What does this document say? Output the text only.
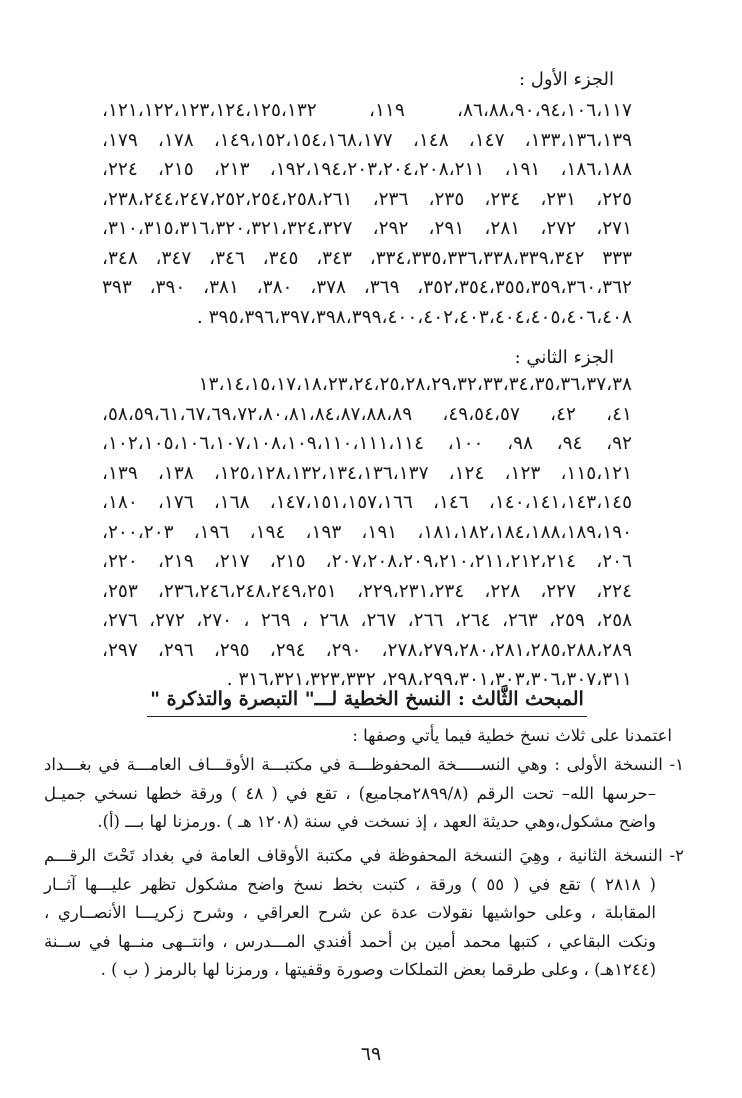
الجزء الأول :
٨٦،٨٨،٩٠،٩٤،١٠٦،١١٧، ١١٩، ١٢١،١٢٢،١٢٣،١٢٤،١٢٥،١٣٢،
١٣٣،١٣٦،١٣٩، ١٤٧، ١٤٨، ١٤٩،١٥٢،١٥٤،١٦٨،١٧٧، ١٧٨، ١٧٩،
١٨٦،١٨٨، ١٩١، ١٩٢،١٩٤،٢٠٣،٢٠٤،٢٠٨،٢١١، ٢١٣، ٢١٥، ٢٢٤،
٢٢٥، ٢٣١، ٢٣٤، ٢٣٥، ٢٣٦، ٢٣٨،٢٤٤،٢٤٧،٢٥٢،٢٥٤،٢٥٨،٢٦١،
٢٧١، ٢٧٢، ٢٨١، ٢٩١، ٢٩٢، ٣١٠،٣١٥،٣١٦،٣٢٠،٣٢١،٣٢٤،٣٢٧،
٣٣٣ ٣٣٤،٣٣٥،٣٣٦،٣٣٨،٣٣٩،٣٤٢، ٣٤٣، ٣٤٥، ٣٤٦، ٣٤٧، ٣٤٨،
٣٥٢،٣٥٤،٣٥٥،٣٥٩،٣٦٠،٣٦٢، ٣٦٩، ٣٧٨، ٣٨٠، ٣٨١، ٣٩٠، ٣٩٣
٣٩٥،٣٩٦،٣٩٧،٣٩٨،٣٩٩،٤٠٠،٤٠٢،٤٠٣،٤٠٤،٤٠٥،٤٠٦،٤٠٨ .
الجزء الثاني :
١٣،١٤،١٥،١٧،١٨،٢٣،٢٤،٢٥،٢٨،٢٩،٣٢،٣٣،٣٤،٣٥،٣٦،٣٧،٣٨
٤١، ٤٢، ٤٩،٥٤،٥٧، ٥٨،٥٩،٦١،٦٧،٦٩،٧٢،٨٠،٨١،٨٤،٨٧،٨٨،٨٩،
٩٢، ٩٤، ٩٨، ١٠٠، ١٠٢،١٠٥،١٠٦،١٠٧،١٠٨،١٠٩،١١٠،١١١،١١٤،
١١٥،١٢١، ١٢٣، ١٢٤، ١٢٥،١٢٨،١٣٢،١٣٤،١٣٦،١٣٧، ١٣٨، ١٣٩،
١٤٠،١٤١،١٤٣،١٤٥، ١٤٦، ١٤٧،١٥١،١٥٧،١٦٦، ١٦٨، ١٧٦، ١٨٠،
١٨١،١٨٢،١٨٤،١٨٨،١٨٩،١٩٠، ١٩١، ١٩٣، ١٩٤، ١٩٦، ٢٠٠،٢٠٣،
٢٠٦، ٢٠٧،٢٠٨،٢٠٩،٢١٠،٢١١،٢١٢،٢١٤، ٢١٥، ٢١٧، ٢١٩، ٢٢٠،
٢٢٤، ٢٢٧، ٢٢٨، ٢٢٩،٢٣١،٢٣٤، ٢٣٦،٢٤٦،٢٤٨،٢٤٩،٢٥١، ٢٥٣،
٢٥٨، ٢٥٩، ٢٦٣، ٢٦٤، ٢٦٦، ٢٦٧، ٢٦٨ ، ٢٦٩ ، ٢٧٠، ٢٧٢، ٢٧٦،
٢٧٨،٢٧٩،٢٨٠،٢٨١،٢٨٥،٢٨٨،٢٨٩، ٢٩٠، ٢٩٤، ٢٩٥، ٢٩٦، ٢٩٧،
٢٩٨،٢٩٩،٣٠١،٣٠٣،٣٠٦،٣٠٧،٣١١، ٣١٦،٣٢١،٣٢٣،٣٣٢ .
المبحث الثَّالث : النسخ الخطية لـــ" التبصرة والتذكرة "

اعتمدنا على ثلاث نسخ خطية فيما يأتي وصفها :

١- النسخة الأولى : وهي النســـــخة المحفوظـــة في مكتبـــة الأوقـــاف العامـــة في بغـــداد

–حرسها الله– تحت الرقم (٢٨٩٩/٨مجاميع) ، تقع في ( ٤٨ ) ورقة خطها نسخي جميـل

واضح مشكول،وهي حديثة العهد ، إذ نسخت في سنة (١٢٠٨ هـ ) .ورمزنا لها بـــ (أ).

٢- النسخة الثانية ، وهِيَ النسخة المحفوظة في مكتبة الأوقاف العامة في بغداد تَحْتَ الرقـــم

( ٢٨١٨ ) تقع في ( ٥٥ ) ورقة ، كتبت بخط نسخ واضح مشكول تظهر عليـــها آثــار

المقابلة ، وعلى حواشيها نقولات عدة عن شرح العراقي ، وشرح زكريـــا الأنصــاري ،

ونكت البقاعي ، كتبها محمد أمين بن أحمد أفندي المـــدرس ، وانتــهى منــها في ســنة

(١٢٤٤هـ) ، وعلى طرقما بعض التملكات وصورة وقفيتها ، ورمزنا لها بالرمز ( ب ) .

٦٩
